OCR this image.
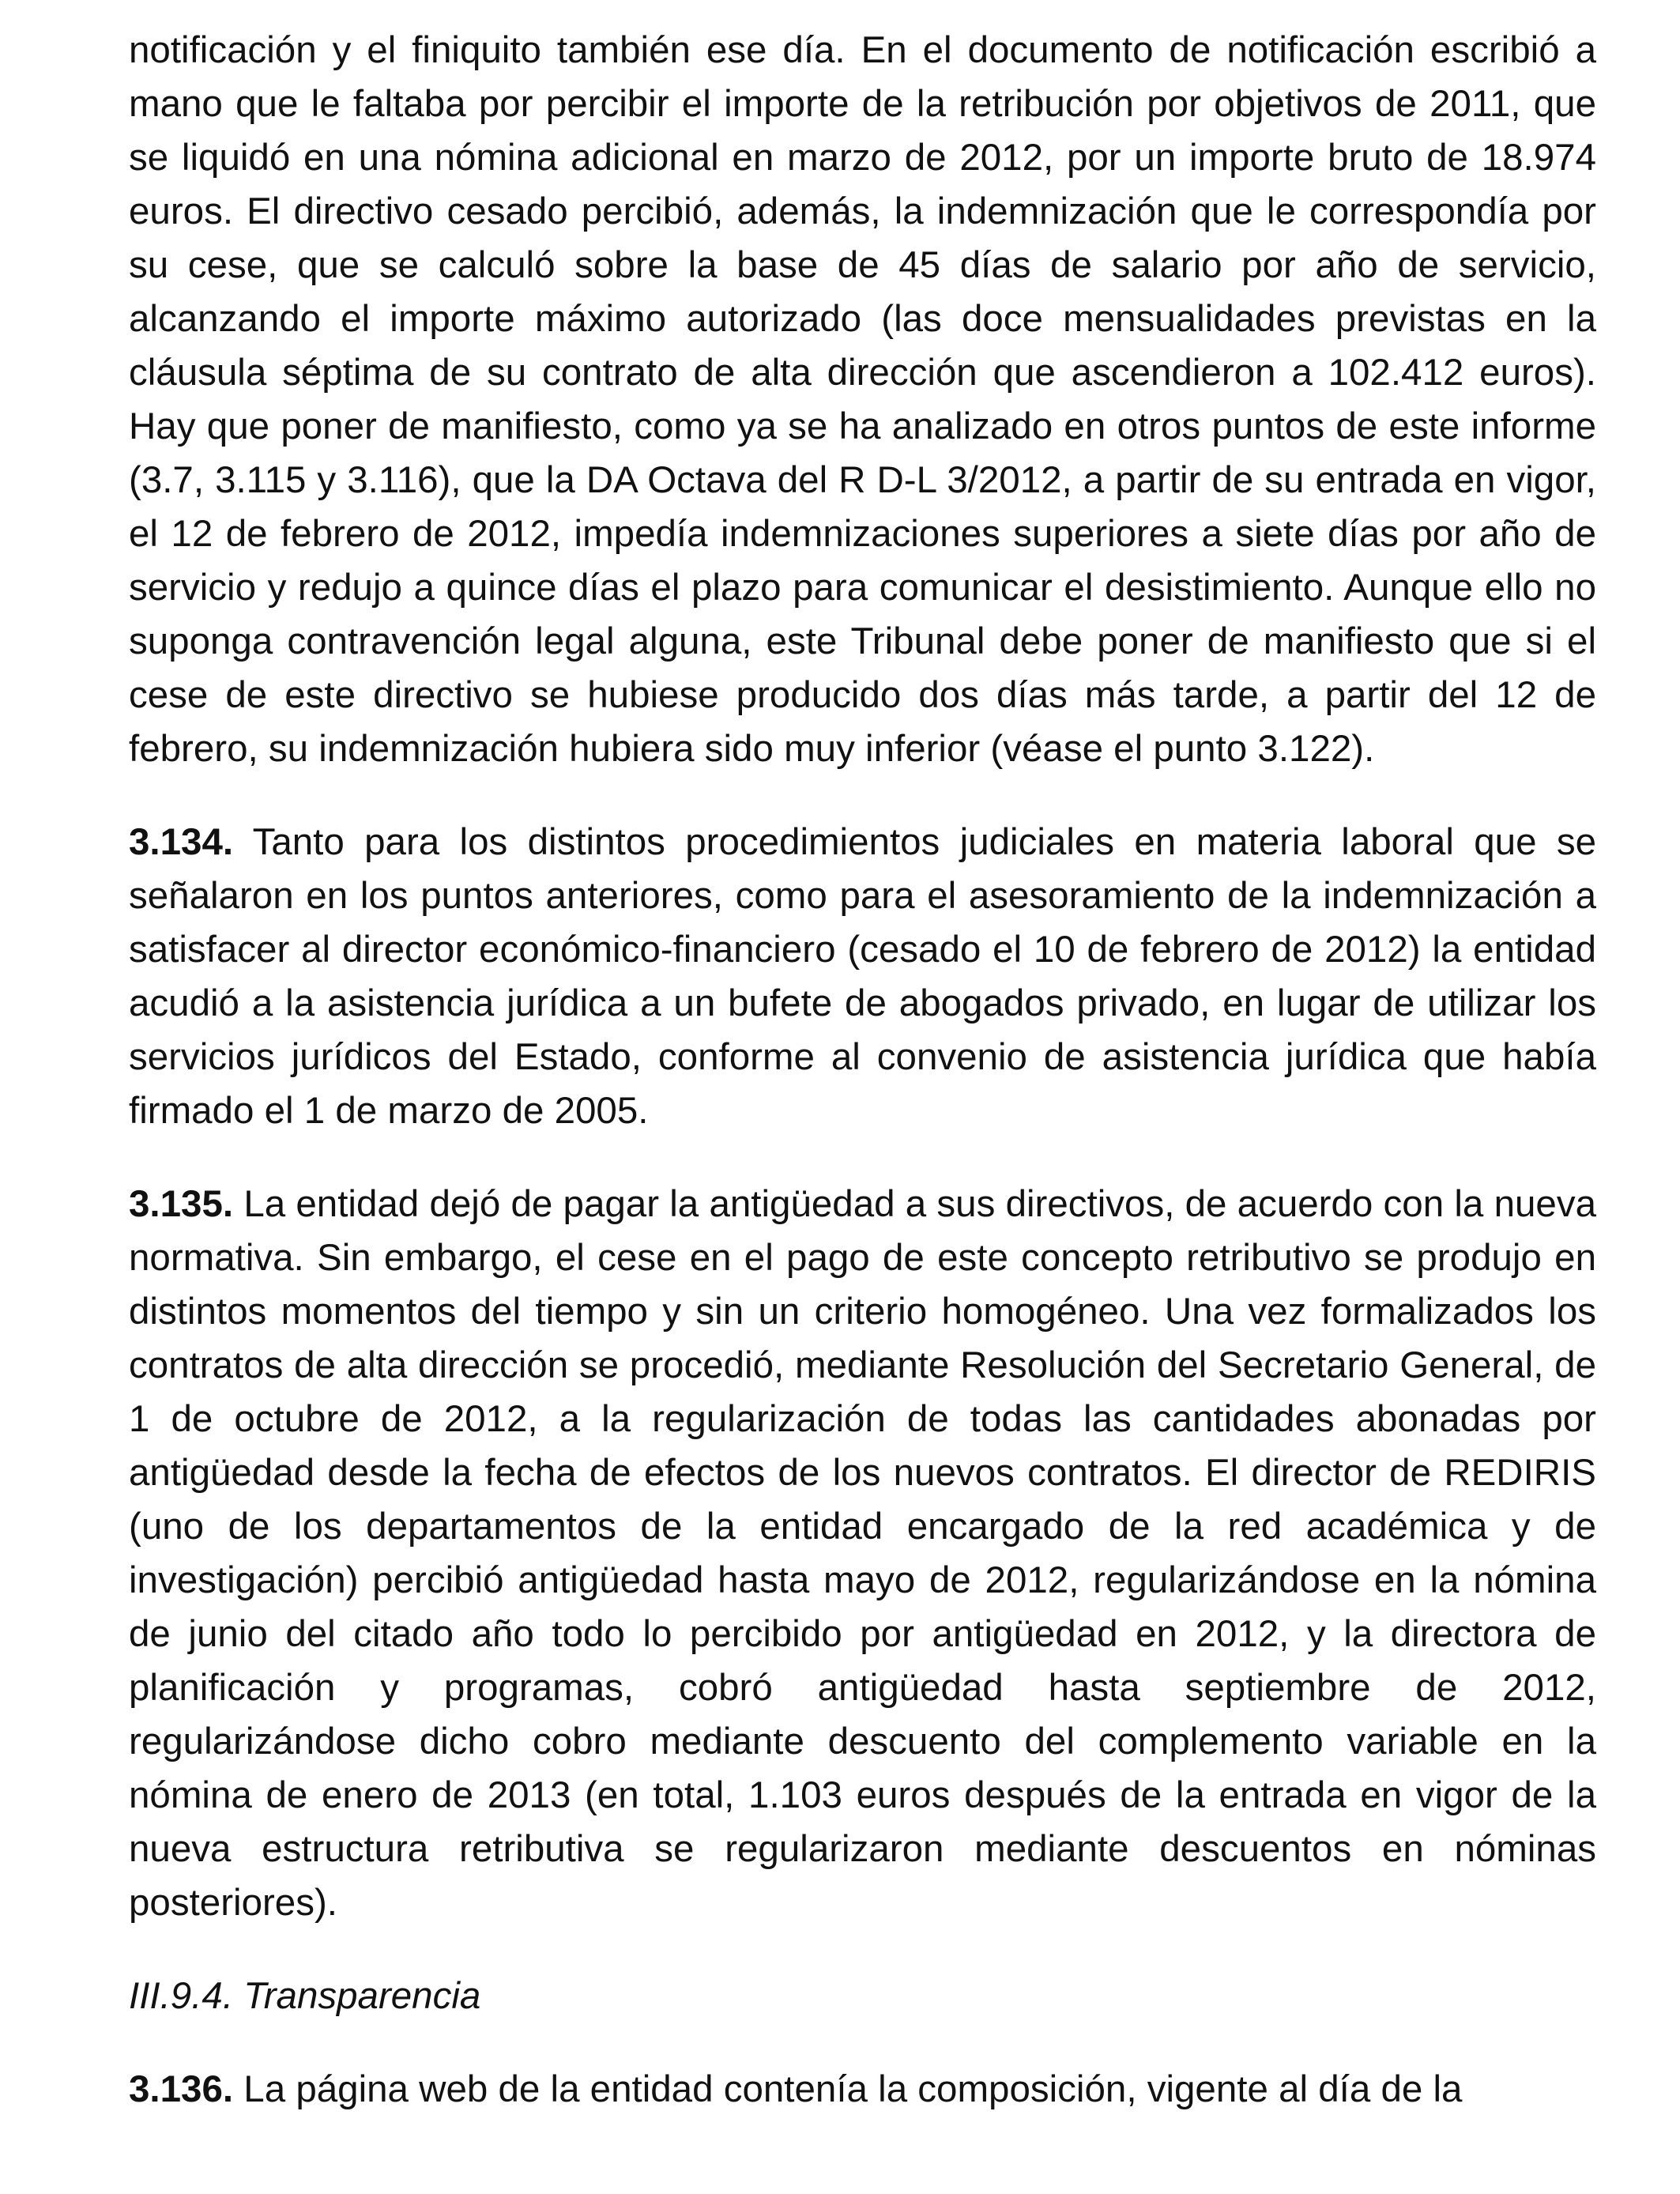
notificación y el finiquito también ese día. En el documento de notificación escribió a mano que le faltaba por percibir el importe de la retribución por objetivos de 2011, que se liquidó en una nómina adicional en marzo de 2012, por un importe bruto de 18.974 euros. El directivo cesado percibió, además, la indemnización que le correspondía por su cese, que se calculó sobre la base de 45 días de salario por año de servicio, alcanzando el importe máximo autorizado (las doce mensualidades previstas en la cláusula séptima de su contrato de alta dirección que ascendieron a 102.412 euros). Hay que poner de manifiesto, como ya se ha analizado en otros puntos de este informe (3.7, 3.115 y 3.116), que la DA Octava del R D-L 3/2012, a partir de su entrada en vigor, el 12 de febrero de 2012, impedía indemnizaciones superiores a siete días por año de servicio y redujo a quince días el plazo para comunicar el desistimiento. Aunque ello no suponga contravención legal alguna, este Tribunal debe poner de manifiesto que si el cese de este directivo se hubiese producido dos días más tarde, a partir del 12 de febrero, su indemnización hubiera sido muy inferior (véase el punto 3.122).

3.134. Tanto para los distintos procedimientos judiciales en materia laboral que se señalaron en los puntos anteriores, como para el asesoramiento de la indemnización a satisfacer al director económico-financiero (cesado el 10 de febrero de 2012) la entidad acudió a la asistencia jurídica a un bufete de abogados privado, en lugar de utilizar los servicios jurídicos del Estado, conforme al convenio de asistencia jurídica que había firmado el 1 de marzo de 2005.

3.135. La entidad dejó de pagar la antigüedad a sus directivos, de acuerdo con la nueva normativa. Sin embargo, el cese en el pago de este concepto retributivo se produjo en distintos momentos del tiempo y sin un criterio homogéneo. Una vez formalizados los contratos de alta dirección se procedió, mediante Resolución del Secretario General, de 1 de octubre de 2012, a la regularización de todas las cantidades abonadas por antigüedad desde la fecha de efectos de los nuevos contratos. El director de REDIRIS (uno de los departamentos de la entidad encargado de la red académica y de investigación) percibió antigüedad hasta mayo de 2012, regularizándose en la nómina de junio del citado año todo lo percibido por antigüedad en 2012, y la directora de planificación y programas, cobró antigüedad hasta septiembre de 2012, regularizándose dicho cobro mediante descuento del complemento variable en la nómina de enero de 2013 (en total, 1.103 euros después de la entrada en vigor de la nueva estructura retributiva se regularizaron mediante descuentos en nóminas posteriores).

III.9.4. Transparencia

3.136. La página web de la entidad contenía la composición, vigente al día de la
